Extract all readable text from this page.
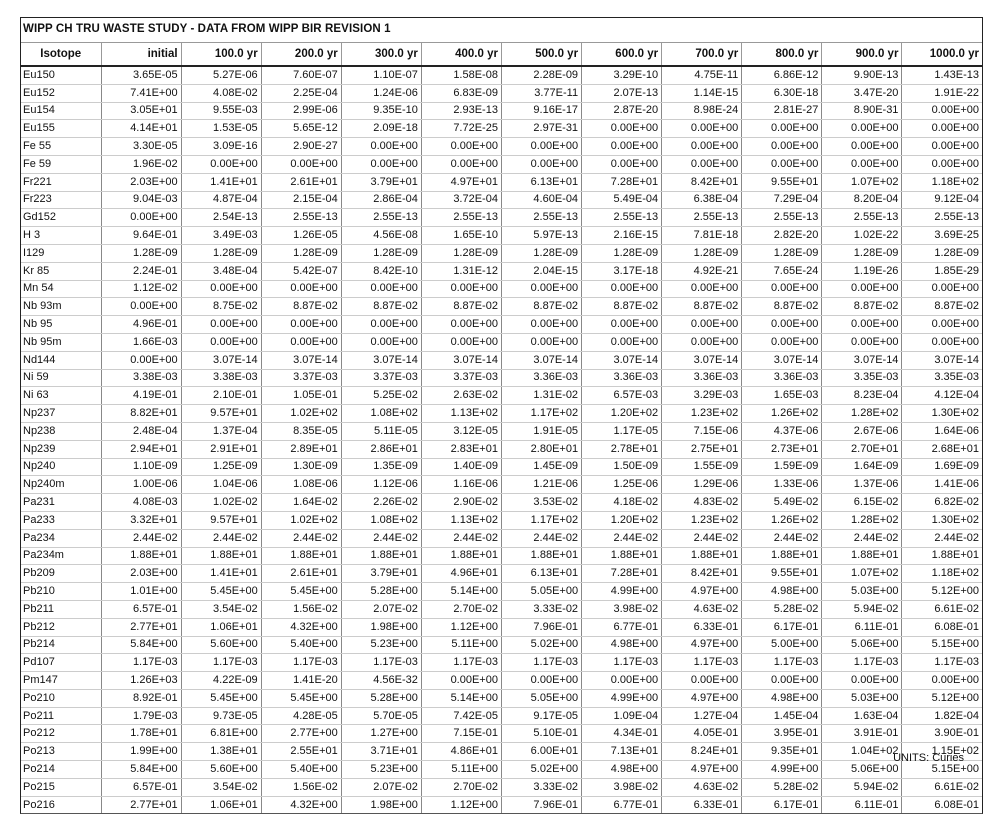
WIPP CH TRU WASTE STUDY - DATA FROM WIPP BIR REVISION 1
Isotope	initial	100.0 yr	200.0 yr	300.0 yr	400.0 yr	500.0 yr	600.0 yr	700.0 yr	800.0 yr	900.0 yr	1000.0 yr
Eu150	3.65E-05	5.27E-06	7.60E-07	1.10E-07	1.58E-08	2.28E-09	3.29E-10	4.75E-11	6.86E-12	9.90E-13	1.43E-13
Eu152	7.41E+00	4.08E-02	2.25E-04	1.24E-06	6.83E-09	3.77E-11	2.07E-13	1.14E-15	6.30E-18	3.47E-20	1.91E-22
Eu154	3.05E+01	9.55E-03	2.99E-06	9.35E-10	2.93E-13	9.16E-17	2.87E-20	8.98E-24	2.81E-27	8.90E-31	0.00E+00
Eu155	4.14E+01	1.53E-05	5.65E-12	2.09E-18	7.72E-25	2.97E-31	0.00E+00	0.00E+00	0.00E+00	0.00E+00	0.00E+00
Fe 55	3.30E-05	3.09E-16	2.90E-27	0.00E+00	0.00E+00	0.00E+00	0.00E+00	0.00E+00	0.00E+00	0.00E+00	0.00E+00
Fe 59	1.96E-02	0.00E+00	0.00E+00	0.00E+00	0.00E+00	0.00E+00	0.00E+00	0.00E+00	0.00E+00	0.00E+00	0.00E+00
Fr221	2.03E+00	1.41E+01	2.61E+01	3.79E+01	4.97E+01	6.13E+01	7.28E+01	8.42E+01	9.55E+01	1.07E+02	1.18E+02
Fr223	9.04E-03	4.87E-04	2.15E-04	2.86E-04	3.72E-04	4.60E-04	5.49E-04	6.38E-04	7.29E-04	8.20E-04	9.12E-04
Gd152	0.00E+00	2.54E-13	2.55E-13	2.55E-13	2.55E-13	2.55E-13	2.55E-13	2.55E-13	2.55E-13	2.55E-13	2.55E-13
H 3	9.64E-01	3.49E-03	1.26E-05	4.56E-08	1.65E-10	5.97E-13	2.16E-15	7.81E-18	2.82E-20	1.02E-22	3.69E-25
I129	1.28E-09	1.28E-09	1.28E-09	1.28E-09	1.28E-09	1.28E-09	1.28E-09	1.28E-09	1.28E-09	1.28E-09	1.28E-09
Kr 85	2.24E-01	3.48E-04	5.42E-07	8.42E-10	1.31E-12	2.04E-15	3.17E-18	4.92E-21	7.65E-24	1.19E-26	1.85E-29
Mn 54	1.12E-02	0.00E+00	0.00E+00	0.00E+00	0.00E+00	0.00E+00	0.00E+00	0.00E+00	0.00E+00	0.00E+00	0.00E+00
Nb 93m	0.00E+00	8.75E-02	8.87E-02	8.87E-02	8.87E-02	8.87E-02	8.87E-02	8.87E-02	8.87E-02	8.87E-02	8.87E-02
Nb 95	4.96E-01	0.00E+00	0.00E+00	0.00E+00	0.00E+00	0.00E+00	0.00E+00	0.00E+00	0.00E+00	0.00E+00	0.00E+00
Nb 95m	1.66E-03	0.00E+00	0.00E+00	0.00E+00	0.00E+00	0.00E+00	0.00E+00	0.00E+00	0.00E+00	0.00E+00	0.00E+00
Nd144	0.00E+00	3.07E-14	3.07E-14	3.07E-14	3.07E-14	3.07E-14	3.07E-14	3.07E-14	3.07E-14	3.07E-14	3.07E-14
Ni 59	3.38E-03	3.38E-03	3.37E-03	3.37E-03	3.37E-03	3.36E-03	3.36E-03	3.36E-03	3.36E-03	3.35E-03	3.35E-03
Ni 63	4.19E-01	2.10E-01	1.05E-01	5.25E-02	2.63E-02	1.31E-02	6.57E-03	3.29E-03	1.65E-03	8.23E-04	4.12E-04
Np237	8.82E+01	9.57E+01	1.02E+02	1.08E+02	1.13E+02	1.17E+02	1.20E+02	1.23E+02	1.26E+02	1.28E+02	1.30E+02
Np238	2.48E-04	1.37E-04	8.35E-05	5.11E-05	3.12E-05	1.91E-05	1.17E-05	7.15E-06	4.37E-06	2.67E-06	1.64E-06
Np239	2.94E+01	2.91E+01	2.89E+01	2.86E+01	2.83E+01	2.80E+01	2.78E+01	2.75E+01	2.73E+01	2.70E+01	2.68E+01
Np240	1.10E-09	1.25E-09	1.30E-09	1.35E-09	1.40E-09	1.45E-09	1.50E-09	1.55E-09	1.59E-09	1.64E-09	1.69E-09
Np240m	1.00E-06	1.04E-06	1.08E-06	1.12E-06	1.16E-06	1.21E-06	1.25E-06	1.29E-06	1.33E-06	1.37E-06	1.41E-06
Pa231	4.08E-03	1.02E-02	1.64E-02	2.26E-02	2.90E-02	3.53E-02	4.18E-02	4.83E-02	5.49E-02	6.15E-02	6.82E-02
Pa233	3.32E+01	9.57E+01	1.02E+02	1.08E+02	1.13E+02	1.17E+02	1.20E+02	1.23E+02	1.26E+02	1.28E+02	1.30E+02
Pa234	2.44E-02	2.44E-02	2.44E-02	2.44E-02	2.44E-02	2.44E-02	2.44E-02	2.44E-02	2.44E-02	2.44E-02	2.44E-02
Pa234m	1.88E+01	1.88E+01	1.88E+01	1.88E+01	1.88E+01	1.88E+01	1.88E+01	1.88E+01	1.88E+01	1.88E+01	1.88E+01
Pb209	2.03E+00	1.41E+01	2.61E+01	3.79E+01	4.96E+01	6.13E+01	7.28E+01	8.42E+01	9.55E+01	1.07E+02	1.18E+02
Pb210	1.01E+00	5.45E+00	5.45E+00	5.28E+00	5.14E+00	5.05E+00	4.99E+00	4.97E+00	4.98E+00	5.03E+00	5.12E+00
Pb211	6.57E-01	3.54E-02	1.56E-02	2.07E-02	2.70E-02	3.33E-02	3.98E-02	4.63E-02	5.28E-02	5.94E-02	6.61E-02
Pb212	2.77E+01	1.06E+01	4.32E+00	1.98E+00	1.12E+00	7.96E-01	6.77E-01	6.33E-01	6.17E-01	6.11E-01	6.08E-01
Pb214	5.84E+00	5.60E+00	5.40E+00	5.23E+00	5.11E+00	5.02E+00	4.98E+00	4.97E+00	5.00E+00	5.06E+00	5.15E+00
Pd107	1.17E-03	1.17E-03	1.17E-03	1.17E-03	1.17E-03	1.17E-03	1.17E-03	1.17E-03	1.17E-03	1.17E-03	1.17E-03
Pm147	1.26E+03	4.22E-09	1.41E-20	4.56E-32	0.00E+00	0.00E+00	0.00E+00	0.00E+00	0.00E+00	0.00E+00	0.00E+00
Po210	8.92E-01	5.45E+00	5.45E+00	5.28E+00	5.14E+00	5.05E+00	4.99E+00	4.97E+00	4.98E+00	5.03E+00	5.12E+00
Po211	1.79E-03	9.73E-05	4.28E-05	5.70E-05	7.42E-05	9.17E-05	1.09E-04	1.27E-04	1.45E-04	1.63E-04	1.82E-04
Po212	1.78E+01	6.81E+00	2.77E+00	1.27E+00	7.15E-01	5.10E-01	4.34E-01	4.05E-01	3.95E-01	3.91E-01	3.90E-01
Po213	1.99E+00	1.38E+01	2.55E+01	3.71E+01	4.86E+01	6.00E+01	7.13E+01	8.24E+01	9.35E+01	1.04E+02	1.15E+02
Po214	5.84E+00	5.60E+00	5.40E+00	5.23E+00	5.11E+00	5.02E+00	4.98E+00	4.97E+00	4.99E+00	5.06E+00	5.15E+00
Po215	6.57E-01	3.54E-02	1.56E-02	2.07E-02	2.70E-02	3.33E-02	3.98E-02	4.63E-02	5.28E-02	5.94E-02	6.61E-02
Po216	2.77E+01	1.06E+01	4.32E+00	1.98E+00	1.12E+00	7.96E-01	6.77E-01	6.33E-01	6.17E-01	6.11E-01	6.08E-01
UNITS: Curies
